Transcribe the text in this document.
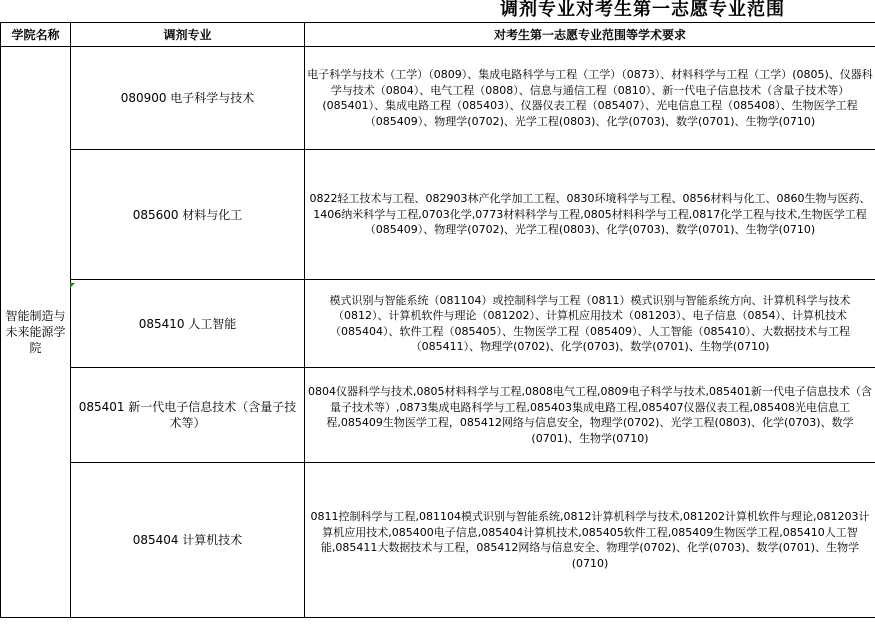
调剂专业对考生第一志愿专业范围
学院名称	调剂专业	对考生第一志愿专业范围等学术要求
智能制造与未来能源学院	080900 电子科学与技术	电子科学与技术（工学）（0809）、集成电路科学与工程（工学）（0873）、材料科学与工程（工学）(0805)、仪器科学与技术（0804）、电气工程（0808）、信息与通信工程（0810）、新一代电子信息技术（含量子技术等）(085401）、集成电路工程（085403）、仪器仪表工程（085407）、光电信息工程（085408）、生物医学工程（085409）、物理学(0702)、光学工程(0803)、化学(0703)、数学(0701)、生物学(0710)
	085600 材料与化工	0822轻工技术与工程、082903林产化学加工工程、0830环境科学与工程、0856材料与化工、0860生物与医药、1406纳米科学与工程,0703化学,0773材料科学与工程,0805材料科学与工程,0817化学工程与技术,生物医学工程（085409）、物理学(0702)、光学工程(0803)、化学(0703)、数学(0701)、生物学(0710)
	085410 人工智能	模式识别与智能系统（081104）或控制科学与工程（0811）模式识别与智能系统方向、计算机科学与技术（0812）、计算机软件与理论（081202）、计算机应用技术（081203）、电子信息（0854）、计算机技术（085404）、软件工程（085405）、生物医学工程（085409）、人工智能（085410）、大数据技术与工程（085411）、物理学(0702)、化学(0703)、数学(0701)、生物学(0710)
	085401 新一代电子信息技术（含量子技术等）	0804仪器科学与技术,0805材料科学与工程,0808电气工程,0809电子科学与技术,085401新一代电子信息技术（含量子技术等）,0873集成电路科学与工程,085403集成电路工程,085407仪器仪表工程,085408光电信息工程,085409生物医学工程，085412网络与信息安全，物理学(0702)、光学工程(0803)、化学(0703)、数学(0701)、生物学(0710)
	085404 计算机技术	0811控制科学与工程,081104模式识别与智能系统,0812计算机科学与技术,081202计算机软件与理论,081203计算机应用技术,085400电子信息,085404计算机技术,085405软件工程,085409生物医学工程,085410人工智能,085411大数据技术与工程，085412网络与信息安全、物理学(0702)、化学(0703)、数学(0701)、生物学(0710)
